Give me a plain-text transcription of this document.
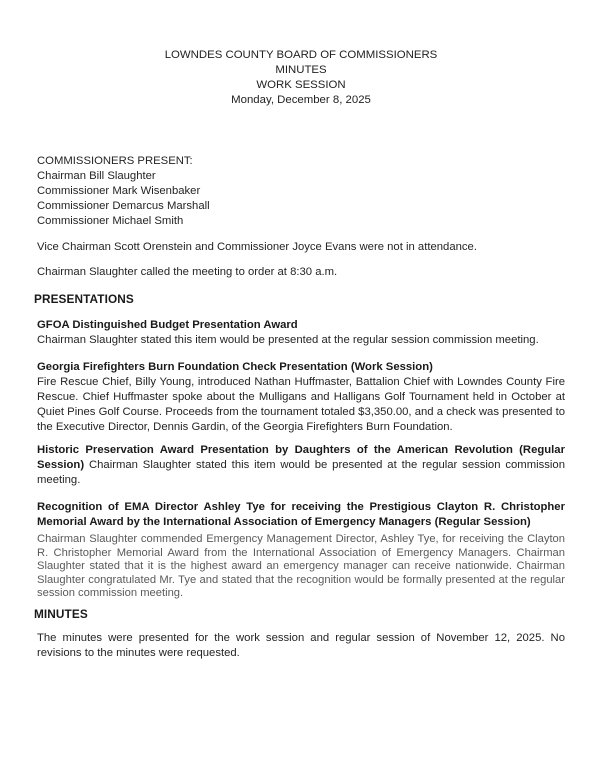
LOWNDES COUNTY BOARD OF COMMISSIONERS
MINUTES
WORK SESSION
Monday, December 8, 2025
COMMISSIONERS PRESENT:
Chairman Bill Slaughter
Commissioner Mark Wisenbaker
Commissioner Demarcus Marshall
Commissioner Michael Smith

Vice Chairman Scott Orenstein and Commissioner Joyce Evans were not in attendance.

Chairman Slaughter called the meeting to order at 8:30 a.m.

PRESENTATIONS

GFOA Distinguished Budget Presentation Award

Chairman Slaughter stated this item would be presented at the regular session commission meeting.

Georgia Firefighters Burn Foundation Check Presentation (Work Session)

Fire Rescue Chief, Billy Young, introduced Nathan Huffmaster, Battalion Chief with Lowndes County Fire Rescue. Chief Huffmaster spoke about the Mulligans and Halligans Golf Tournament held in October at Quiet Pines Golf Course. Proceeds from the tournament totaled $3,350.00, and a check was presented to the Executive Director, Dennis Gardin, of the Georgia Firefighters Burn Foundation.

Historic Preservation Award Presentation by Daughters of the American Revolution (Regular Session) Chairman Slaughter stated this item would be presented at the regular session commission meeting.

Recognition of EMA Director Ashley Tye for receiving the Prestigious Clayton R. Christopher Memorial Award by the International Association of Emergency Managers (Regular Session)

Chairman Slaughter commended Emergency Management Director, Ashley Tye, for receiving the Clayton R. Christopher Memorial Award from the International Association of Emergency Managers. Chairman Slaughter stated that it is the highest award an emergency manager can receive nationwide. Chairman Slaughter congratulated Mr. Tye and stated that the recognition would be formally presented at the regular session commission meeting.

MINUTES

The minutes were presented for the work session and regular session of November 12, 2025. No revisions to the minutes were requested.
